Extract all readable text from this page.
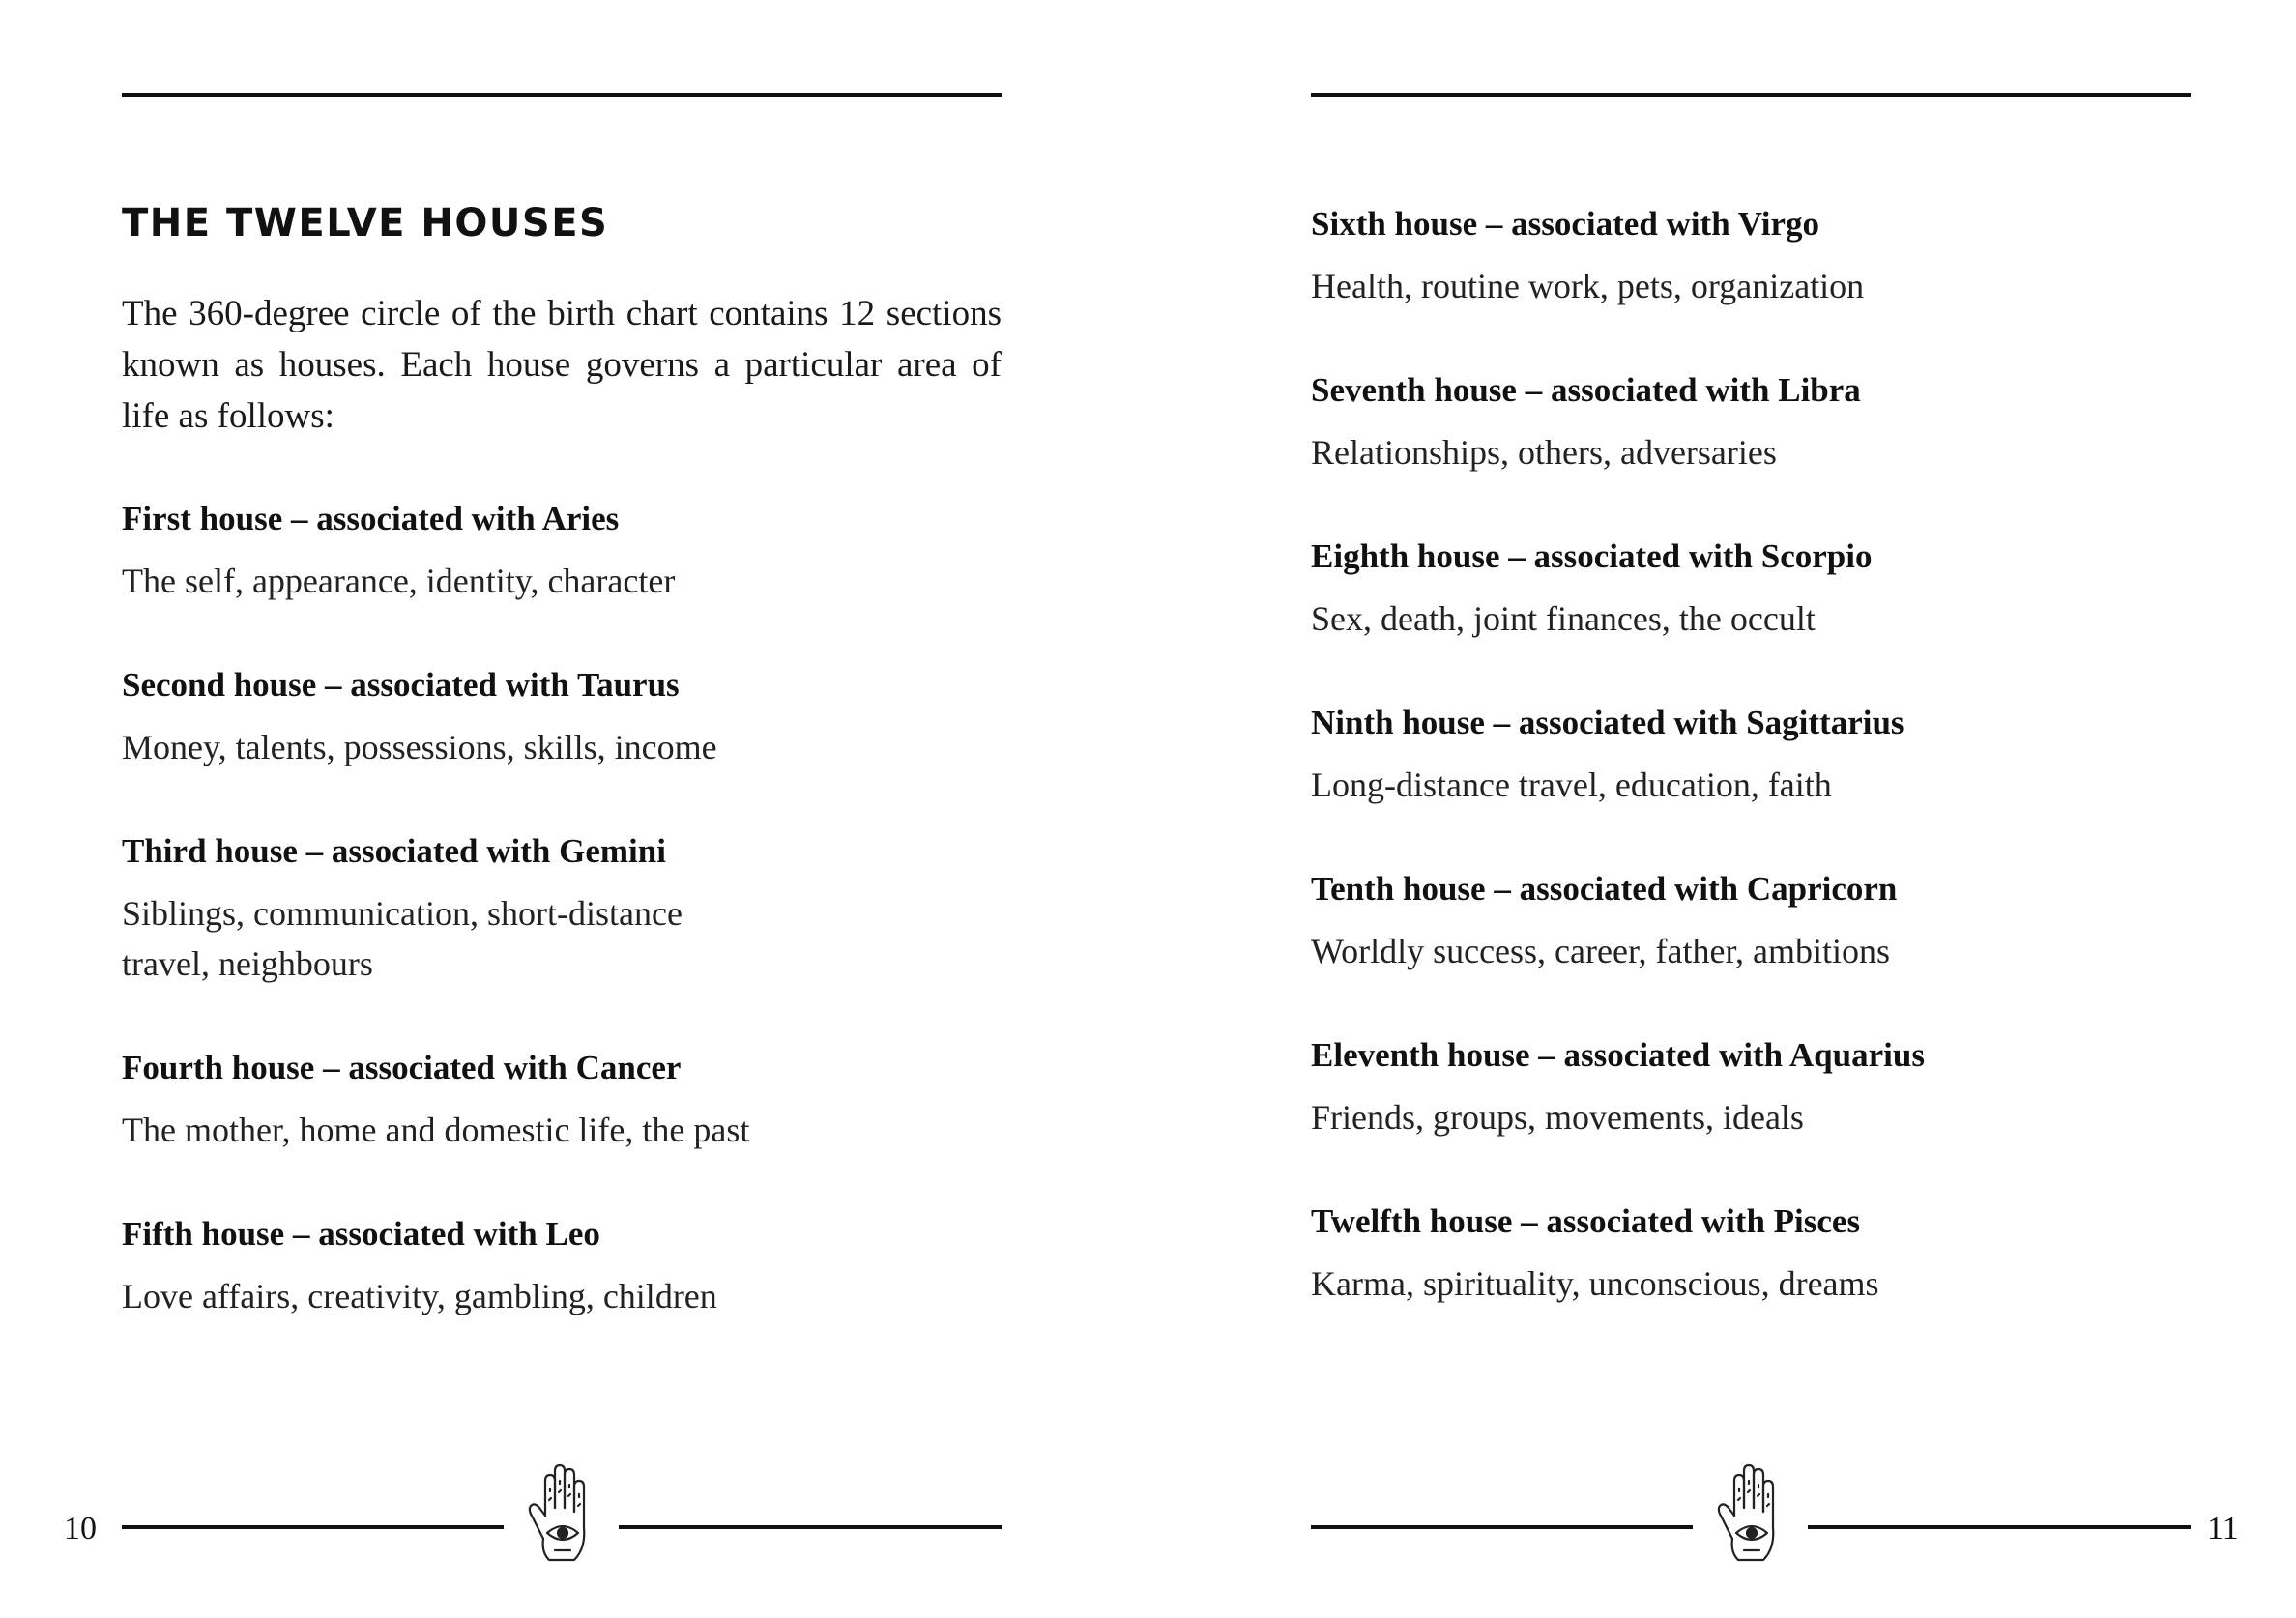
THE TWELVE HOUSES

The 360-degree circle of the birth chart contains 12 sections known as houses. Each house governs a particular area of life as follows:

First house – associated with Aries
The self, appearance, identity, character
Second house – associated with Taurus
Money, talents, possessions, skills, income
Third house – associated with Gemini
Siblings, communication, short-distance travel, neighbours
Fourth house – associated with Cancer
The mother, home and domestic life, the past
Fifth house – associated with Leo
Love affairs, creativity, gambling, children
10
Sixth house – associated with Virgo
Health, routine work, pets, organization
Seventh house – associated with Libra
Relationships, others, adversaries
Eighth house – associated with Scorpio
Sex, death, joint finances, the occult
Ninth house – associated with Sagittarius
Long-distance travel, education, faith
Tenth house – associated with Capricorn
Worldly success, career, father, ambitions
Eleventh house – associated with Aquarius
Friends, groups, movements, ideals
Twelfth house – associated with Pisces
Karma, spirituality, unconscious, dreams
11
